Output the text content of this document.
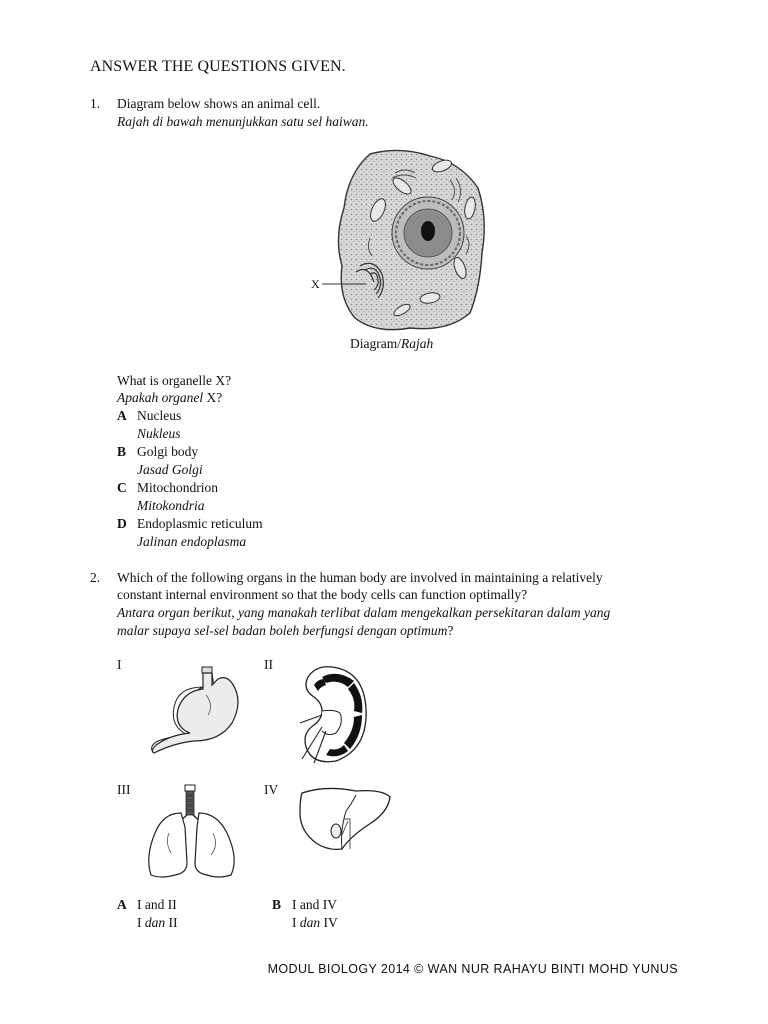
ANSWER THE QUESTIONS GIVEN.
1. Diagram below shows an animal cell.
Rajah di bawah menunjukkan satu sel haiwan.
X
Diagram/Rajah
What is organelle X?
Apakah organel X?
A Nucleus
Nukleus
B Golgi body
Jasad Golgi
C Mitochondrion
Mitokondria
D Endoplasmic reticulum
Jalinan endoplasma
2. Which of the following organs in the human body are involved in maintaining a relatively
constant internal environment so that the body cells can function optimally?
Antara organ berikut, yang manakah terlibat dalam mengekalkan persekitaran dalam yang
malar supaya sel-sel badan boleh berfungsi dengan optimum?
I	II
III	IV
A I and II
I dan II
B I and IV
I dan IV
MODUL BIOLOGY 2014 © WAN NUR RAHAYU BINTI MOHD YUNUS
